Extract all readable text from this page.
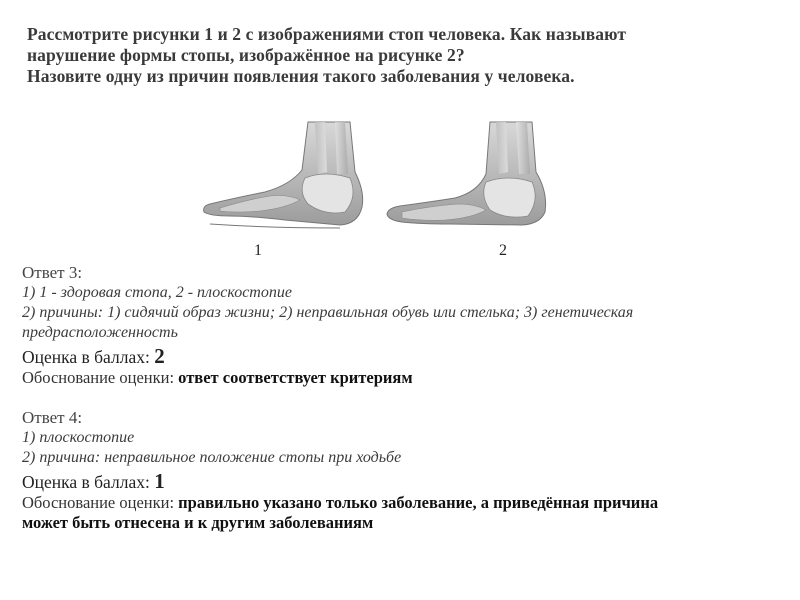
Рассмотрите рисунки 1 и 2 с изображениями стоп человека. Как называют
нарушение формы стопы, изображённое на рисунке 2?
Назовите одну из причин появления такого заболевания у человека.
1	2
Ответ 3:
1) 1 - здоровая стопа, 2 - плоскостопие
2) причины: 1) сидячий образ жизни; 2) неправильная обувь или стелька; 3) генетическая
предрасположенность
Оценка в баллах: 2
Обоснование оценки: ответ соответствует критериям
Ответ 4:
1) плоскостопие
2) причина: неправильное положение стопы при ходьбе
Оценка в баллах: 1
Обоснование оценки: правильно указано только заболевание, а приведённая причина
может быть отнесена и к другим заболеваниям
